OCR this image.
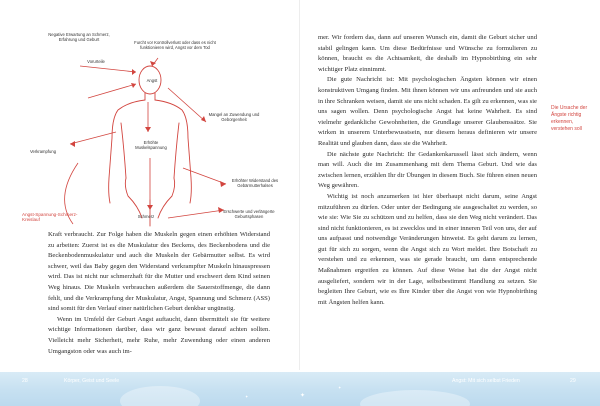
Negative Erwartung an Schmerz, Erfahrung und Geburt
Furcht vor Kontrollverlust oder dass es nicht funktionieren wird, Angst vor dem Tod
Vorurteile
Angst
Mangel an Zuwendung und Geborgenheit
Verkrampfung
Erhöhte Muskelspannung
Erhöhter Widerstand des Gebärmutterhalses
Schmerz
Erschwerte und verlängerte Geburtsphasen
Angst-Spannung-Schmerz-Kreislauf

Kraft verbraucht. Zur Folge haben die Muskeln gegen einen erhöhten Widerstand zu arbeiten: Zuerst ist es die Muskulatur des Beckens, des Beckenbodens und die Beckenbodenmuskulatur und auch die Muskeln der Gebärmutter selbst. Es wird schwer, weil das Baby gegen den Widerstand verkrampfter Muskeln hinauspressen wird. Das ist nicht nur schmerzhaft für die Mutter und erschwert dem Kind seinen Weg hinaus. Die Muskeln verbrauchen außerdem die Sauerstoffmenge, die dann fehlt, und die Verkrampfung der Muskulatur, Angst, Spannung und Schmerz (ASS) sind somit für den Verlauf einer natürlichen Geburt denkbar ungünstig.

Wenn im Umfeld der Geburt Angst auftaucht, dann übermittelt sie für weitere wichtige Informationen darüber, dass wir ganz bewusst darauf achten sollten. Vielleicht mehr Sicherheit, mehr Ruhe, mehr Zuwendung oder einen anderen Umgangston oder was auch im-

mer. Wir fordern das, dann auf unseren Wunsch ein, damit die Geburt sicher und stabil gelingen kann. Um diese Bedürfnisse und Wünsche zu formulieren zu können, braucht es die Achtsamkeit, die deshalb im Hypnobirthing ein sehr wichtiger Platz einnimmt.

Die gute Nachricht ist: Mit psychologischen Ängsten können wir einen konstruktiven Umgang finden. Mit ihnen können wir uns anfreunden und sie auch in ihre Schranken weisen, damit sie uns nicht schaden. Es gilt zu erkennen, was sie uns sagen wollen. Denn psychologische Angst hat keine Wahrheit. Es sind vielmehr gedankliche Gewohnheiten, die Grundlage unserer Glaubenssätze. Sie wirken in unserem Unterbewusstsein, nur diesem heraus definieren wir unsere Realität und glauben dann, dass sie die Wahrheit.

Die nächste gute Nachricht: Ihr Gedankenkarussell lässt sich ändern, wenn man will. Auch die im Zusammenhang mit dem Thema Geburt. Und wie das zwischen lernen, erzählen Ihr dir Übungen in diesem Buch. Sie führen einen neuen Weg gewähren.

Wichtig ist noch anzumerken ist hier überhaupt nicht darum, seine Angst mitzuführen zu dürfen. Oder unter der Bedingung sie ausgeschaltet zu werden, so wie sie: Wie Sie zu schützen und zu helfen, dass sie den Weg nicht verändert. Das sind nicht funktionieren, es ist zwecklos und in einer inneren Teil von uns, der auf uns aufpasst und notwendige Veränderungen hinweist. Es geht darum zu lernen, gut für sich zu sorgen, wenn die Angst sich zu Wort meldet. Ihre Botschaft zu verstehen und zu erkennen, was sie gerade braucht, um dann entsprechende Maßnahmen ergreifen zu können. Auf diese Weise hat die der Angst nicht ausgeliefert, sondern wir in der Lage, selbstbestimmt Handlung zu setzen. Sie begleiten Ihre Geburt, wie es Ihre Kinder über die Angst von wie Hypnobirthing mit Ängsten helfen kann.

Die Ursache der Ängste richtig erkennen, verstehen soll
✦
✦
✦
28	Körper, Geist und Seele	Angst: Mit sich selbst Frieden	29
